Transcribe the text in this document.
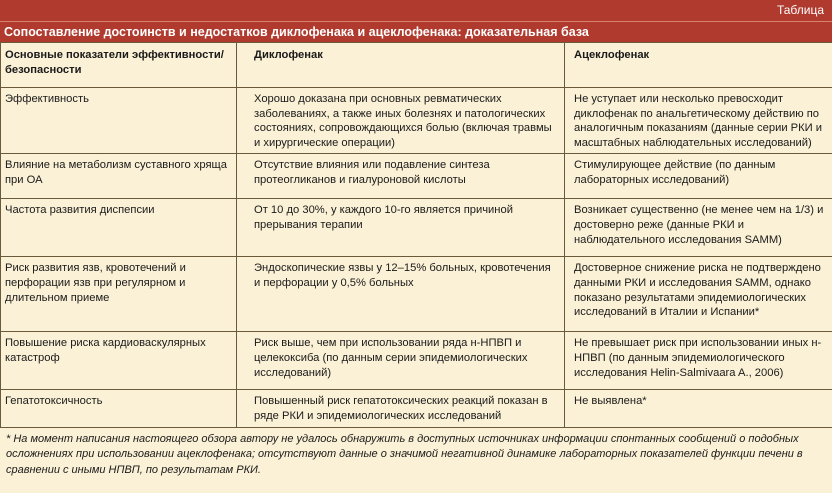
Таблица
Сопоставление достоинств и недостатков диклофенака и ацеклофенака: доказательная база
Основные показатели эффективности/ безопасности	Диклофенак	Ацеклофенак
Эффективность	Хорошо доказана при основных ревматических заболеваниях, а также иных болезнях и патологических состояниях, сопровождающихся болью (включая травмы и хирургические операции)	Не уступает или несколько превосходит диклофенак по анальгетическому действию по аналогичным показаниям (данные серии РКИ и масштабных наблюдательных исследований)
Влияние на метаболизм суставного хряща при ОА	Отсутствие влияния или подавление синтеза протеогликанов и гиалуроновой кислоты	Стимулирующее действие (по данным лабораторных исследований)
Частота развития диспепсии	От 10 до 30%, у каждого 10-го является причиной прерывания терапии	Возникает существенно (не менее чем на 1/3) и достоверно реже (данные РКИ и наблюдательного исследования SAMM)
Риск развития язв, кровотечений и перфорации язв при регулярном и длительном приеме	Эндоскопические язвы у 12–15% больных, кровотечения и перфорации у 0,5% больных	Достоверное снижение риска не подтверждено данными РКИ и исследования SAMM, однако показано результатами эпидемиологических исследований в Италии и Испании*
Повышение риска кардиоваскулярных катастроф	Риск выше, чем при использовании ряда н-НПВП и целекоксиба (по данным серии эпидемиологических исследований)	Не превышает риск при использовании иных н-НПВП (по данным эпидемиологического исследования Helin-Salmivaara A., 2006)
Гепатотоксичность	Повышенный риск гепатотоксических реакций показан в ряде РКИ и эпидемиологических исследований	Не выявлена*
* На момент написания настоящего обзора автору не удалось обнаружить в доступных источниках информации спонтанных сообщений о подобных осложнениях при использовании ацеклофенака; отсутствуют данные о значимой негативной динамике лабораторных показателей функции печени в сравнении с иными НПВП, по результатам РКИ.
